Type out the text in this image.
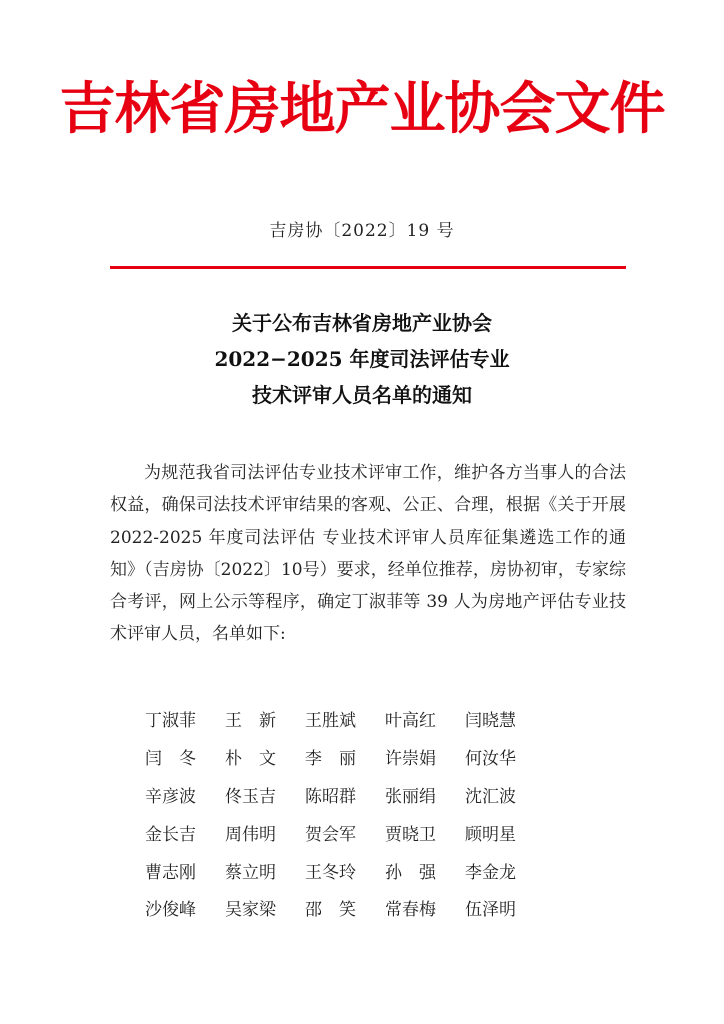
吉林省房地产业协会文件
吉房协〔2022〕19 号
关于公布吉林省房地产业协会
2022−2025 年度司法评估专业
技术评审人员名单的通知

为规范我省司法评估专业技术评审工作，维护各方当事人的合法权益，确保司法技术评审结果的客观、公正、合理，根据《关于开展 2022-2025 年度司法评估 专业技术评审人员库征集遴选工作的通知》（吉房协〔2022〕10号）要求，经单位推荐，房协初审，专家综合考评，网上公示等程序，确定丁淑菲等 39 人为房地产评估专业技术评审人员，名单如下:

丁淑菲	王　新	王胜斌	叶高红	闫晓慧
闫　冬	朴　文	李　丽	许崇娟	何汝华
辛彦波	佟玉吉	陈昭群	张丽绢	沈汇波
金长吉	周伟明	贺会军	贾晓卫	顾明星
曹志刚	蔡立明	王冬玲	孙　强	李金龙
沙俊峰	吴家梁	邵　笑	常春梅	伍泽明
